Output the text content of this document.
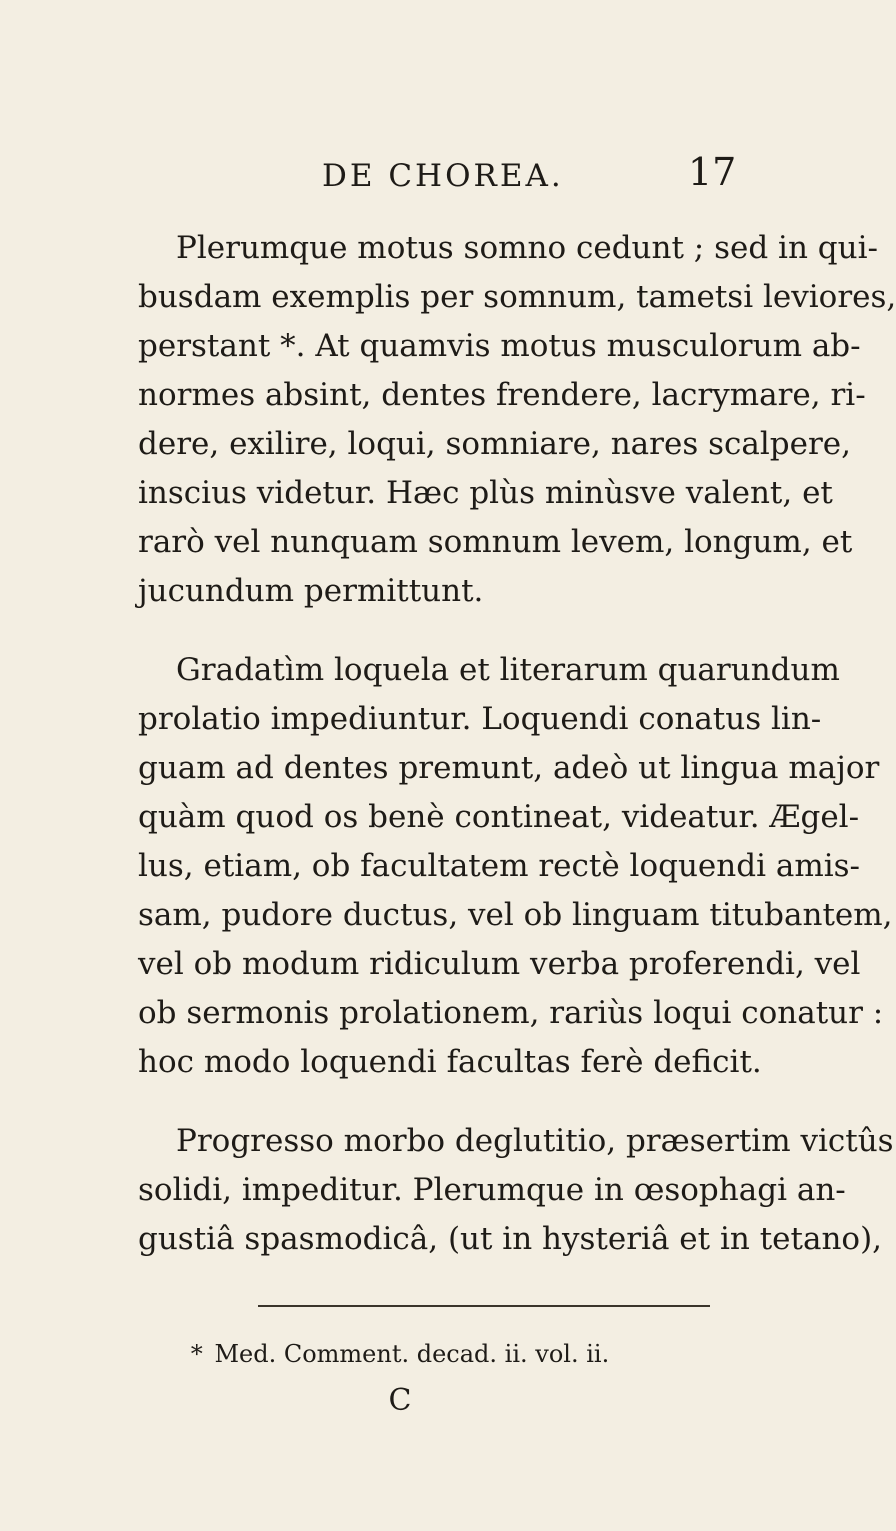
DE CHOREA.	17
Plerumque motus somno cedunt ; sed in qui-
busdam exemplis per somnum, tametsi leviores,
perstant *. At quamvis motus musculorum ab-
normes absint, dentes frendere, lacrymare, ri-
dere, exilire, loqui, somniare, nares scalpere,
inscius videtur. Hæc plùs minùsve valent, et
rarò vel nunquam somnum levem, longum, et
jucundum permittunt.
Gradatìm loquela et literarum quarundum
prolatio impediuntur. Loquendi conatus lin-
guam ad dentes premunt, adeò ut lingua major
quàm quod os benè contineat, videatur. Ægel-
lus, etiam, ob facultatem rectè loquendi amis-
sam, pudore ductus, vel ob linguam titubantem,
vel ob modum ridiculum verba proferendi, vel
ob sermonis prolationem, rariùs loqui conatur :
hoc modo loquendi facultas ferè deficit.
Progresso morbo deglutitio, præsertim victûs
solidi, impeditur. Plerumque in œsophagi an-
gustiâ spasmodicâ, (ut in hysteriâ et in tetano),
* Med. Comment. decad. ii. vol. ii.
C
